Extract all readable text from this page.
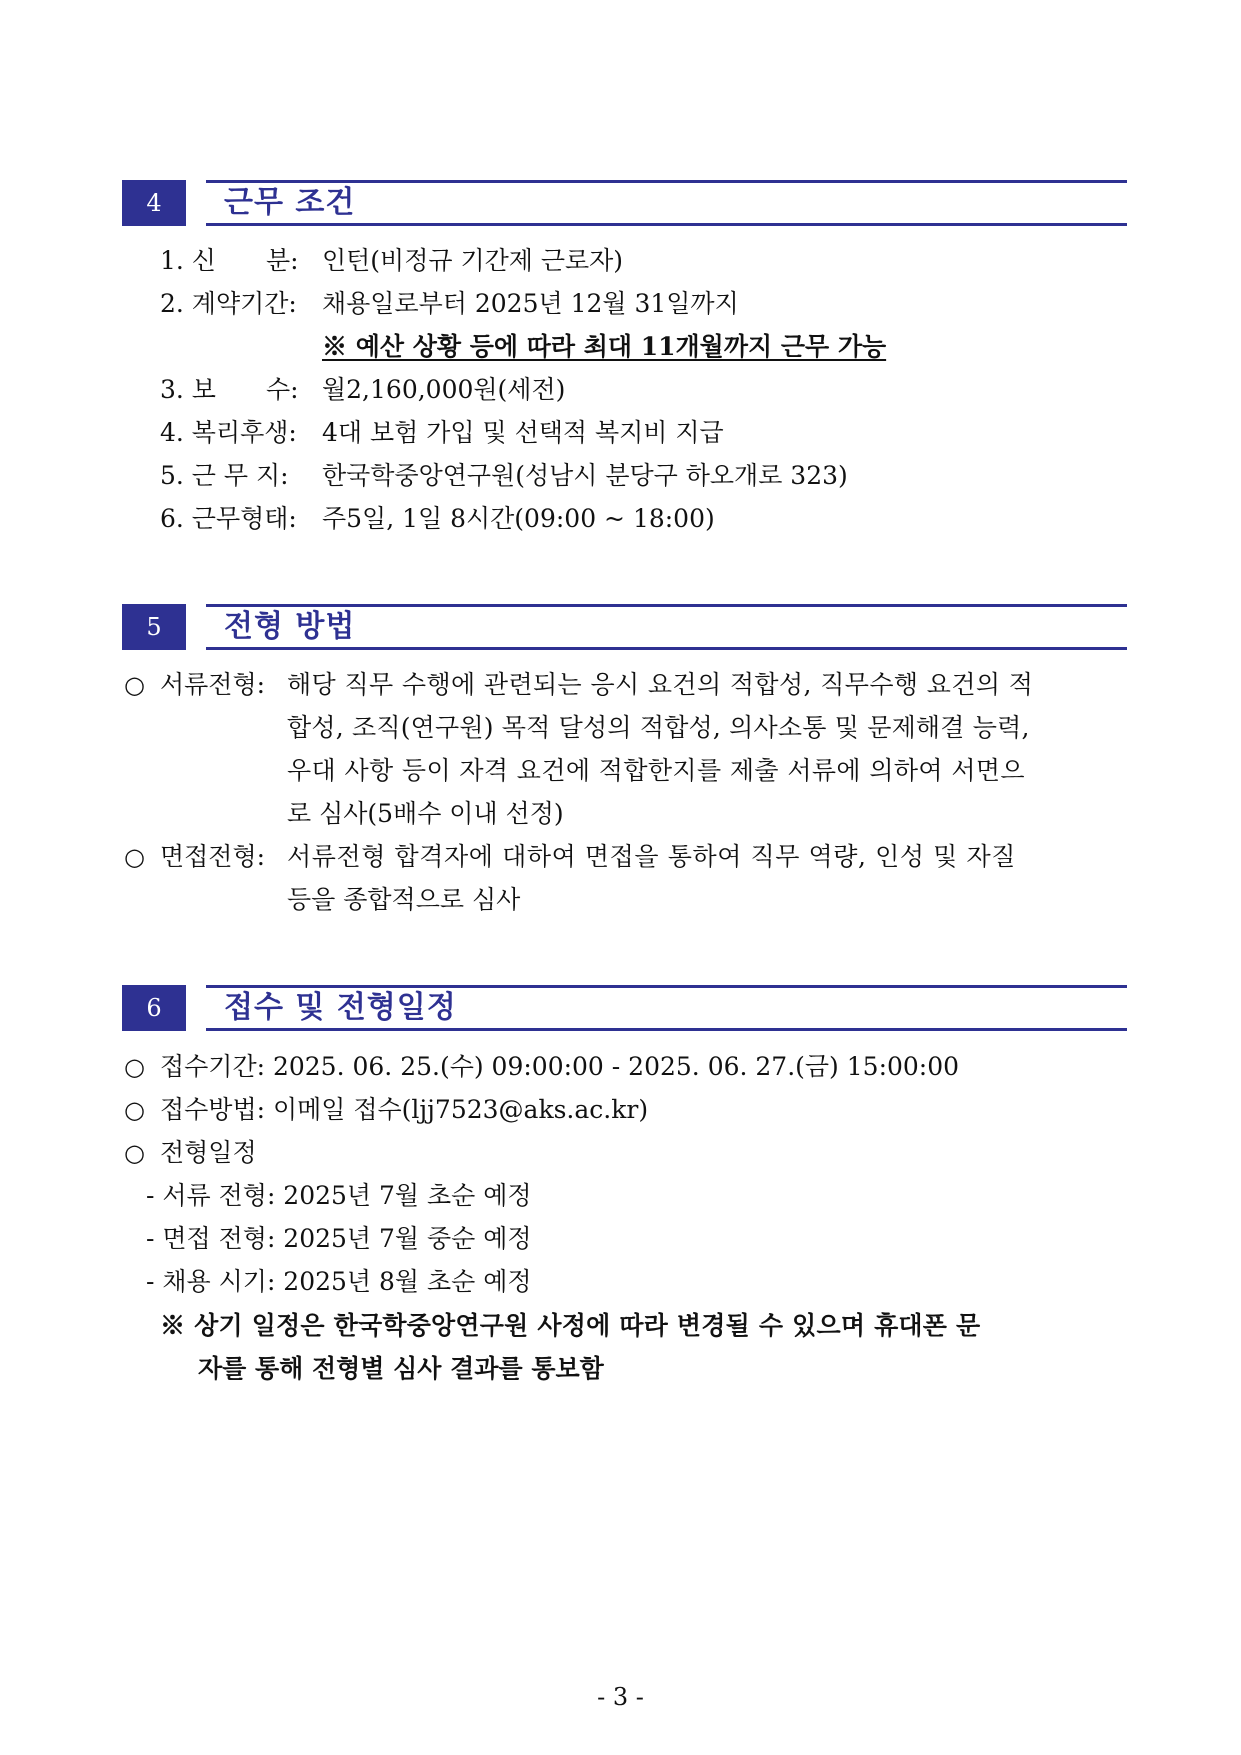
4	근무 조건
1. 신　　분: 인턴(비정규 기간제 근로자)
2. 계약기간: 채용일로부터 2025년 12월 31일까지
※ 예산 상황 등에 따라 최대 11개월까지 근무 가능
3. 보　　수: 월2,160,000원(세전)
4. 복리후생: 4대 보험 가입 및 선택적 복지비 지급
5. 근 무 지: 한국학중앙연구원(성남시 분당구 하오개로 323)
6. 근무형태: 주5일, 1일 8시간(09:00 ~ 18:00)
5	전형 방법
○ 서류전형: 해당 직무 수행에 관련되는 응시 요건의 적합성, 직무수행 요건의 적
합성, 조직(연구원) 목적 달성의 적합성, 의사소통 및 문제해결 능력,
우대 사항 등이 자격 요건에 적합한지를 제출 서류에 의하여 서면으
로 심사(5배수 이내 선정)
○ 면접전형: 서류전형 합격자에 대하여 면접을 통하여 직무 역량, 인성 및 자질
등을 종합적으로 심사
6	접수 및 전형일정
○ 접수기간: 2025. 06. 25.(수) 09:00:00 - 2025. 06. 27.(금) 15:00:00
○ 접수방법: 이메일 접수(ljj7523@aks.ac.kr)
○ 전형일정
- 서류 전형: 2025년 7월 초순 예정
- 면접 전형: 2025년 7월 중순 예정
- 채용 시기: 2025년 8월 초순 예정
※ 상기 일정은 한국학중앙연구원 사정에 따라 변경될 수 있으며 휴대폰 문
자를 통해 전형별 심사 결과를 통보함
- 3 -
